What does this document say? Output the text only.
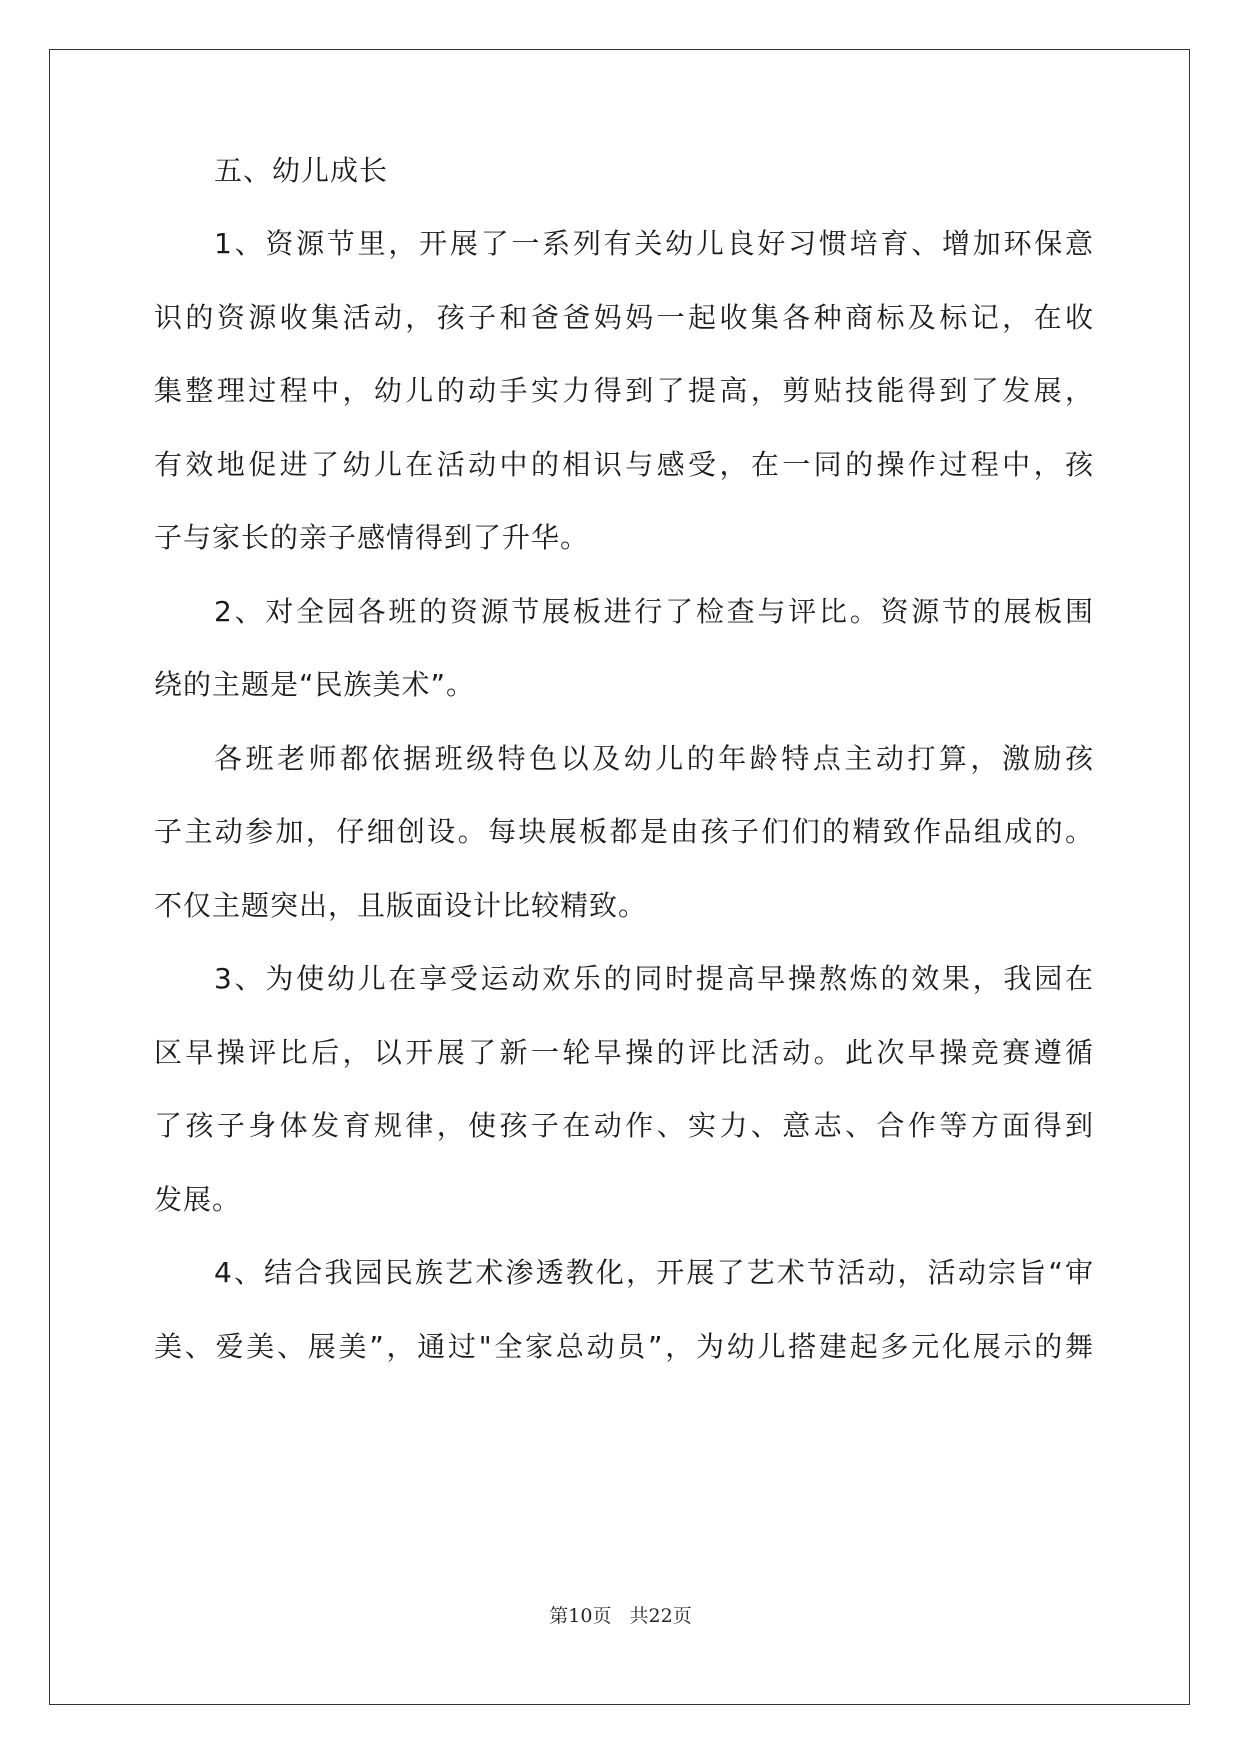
五、幼儿成长
1、资源节里，开展了一系列有关幼儿良好习惯培育、增加环保意
识的资源收集活动，孩子和爸爸妈妈一起收集各种商标及标记，在收
集整理过程中，幼儿的动手实力得到了提高，剪贴技能得到了发展，
有效地促进了幼儿在活动中的相识与感受，在一同的操作过程中，孩
子与家长的亲子感情得到了升华。
2、对全园各班的资源节展板进行了检查与评比。资源节的展板围
绕的主题是“民族美术”。
各班老师都依据班级特色以及幼儿的年龄特点主动打算，激励孩
子主动参加，仔细创设。每块展板都是由孩子们们的精致作品组成的。
不仅主题突出，且版面设计比较精致。
3、为使幼儿在享受运动欢乐的同时提高早操熬炼的效果，我园在
区早操评比后，以开展了新一轮早操的评比活动。此次早操竞赛遵循
了孩子身体发育规律，使孩子在动作、实力、意志、合作等方面得到
发展。
4、结合我园民族艺术渗透教化，开展了艺术节活动，活动宗旨“审
美、爱美、展美”，通过"全家总动员”，为幼儿搭建起多元化展示的舞
第10页 共22页
